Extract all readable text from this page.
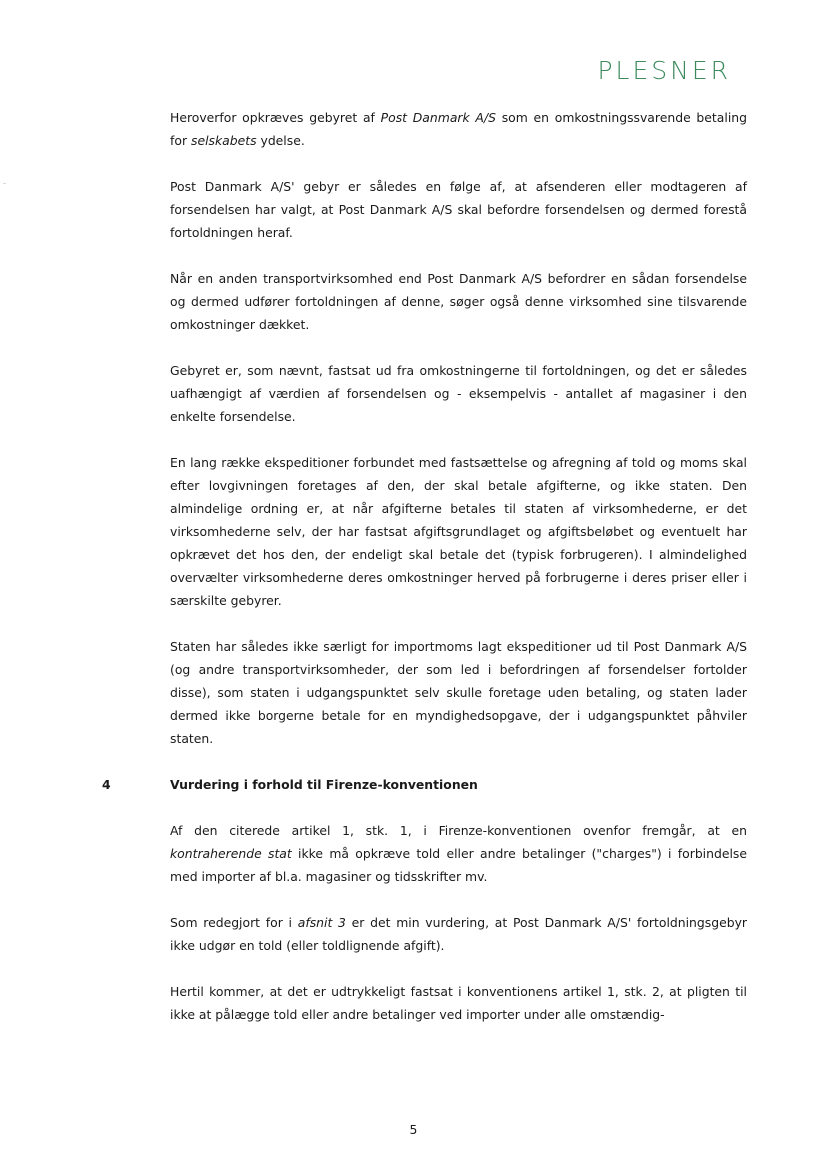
PLESNER

Heroverfor opkræves gebyret af Post Danmark A/S som en omkostningssvarende betaling for selskabets ydelse.

Post Danmark A/S' gebyr er således en følge af, at afsenderen eller modtageren af forsendelsen har valgt, at Post Danmark A/S skal befordre forsendelsen og dermed forestå fortoldningen heraf.

Når en anden transportvirksomhed end Post Danmark A/S befordrer en sådan forsendelse og dermed udfører fortoldningen af denne, søger også denne virksomhed sine tilsvarende omkostninger dækket.

Gebyret er, som nævnt, fastsat ud fra omkostningerne til fortoldningen, og det er således uafhængigt af værdien af forsendelsen og - eksempelvis - antallet af magasiner i den enkelte forsendelse.

En lang række ekspeditioner forbundet med fastsættelse og afregning af told og moms skal efter lovgivningen foretages af den, der skal betale afgifterne, og ikke staten. Den almindelige ordning er, at når afgifterne betales til staten af virksomhederne, er det virksomhederne selv, der har fastsat afgiftsgrundlaget og afgiftsbeløbet og eventuelt har opkrævet det hos den, der endeligt skal betale det (typisk forbrugeren). I almindelighed overvælter virksomhederne deres omkostninger herved på forbrugerne i deres priser eller i særskilte gebyrer.

Staten har således ikke særligt for importmoms lagt ekspeditioner ud til Post Danmark A/S (og andre transportvirksomheder, der som led i befordringen af forsendelser fortolder disse), som staten i udgangspunktet selv skulle foretage uden betaling, og staten lader dermed ikke borgerne betale for en myndighedsopgave, der i udgangspunktet påhviler staten.

4	Vurdering i forhold til Firenze-konventionen

Af den citerede artikel 1, stk. 1, i Firenze-konventionen ovenfor fremgår, at en kontraherende stat ikke må opkræve told eller andre betalinger ("charges") i forbindelse med importer af bl.a. magasiner og tidsskrifter mv.

Som redegjort for i afsnit 3 er det min vurdering, at Post Danmark A/S' fortoldningsgebyr ikke udgør en told (eller toldlignende afgift).

Hertil kommer, at det er udtrykkeligt fastsat i konventionens artikel 1, stk. 2, at pligten til ikke at pålægge told eller andre betalinger ved importer under alle omstændig-

5
